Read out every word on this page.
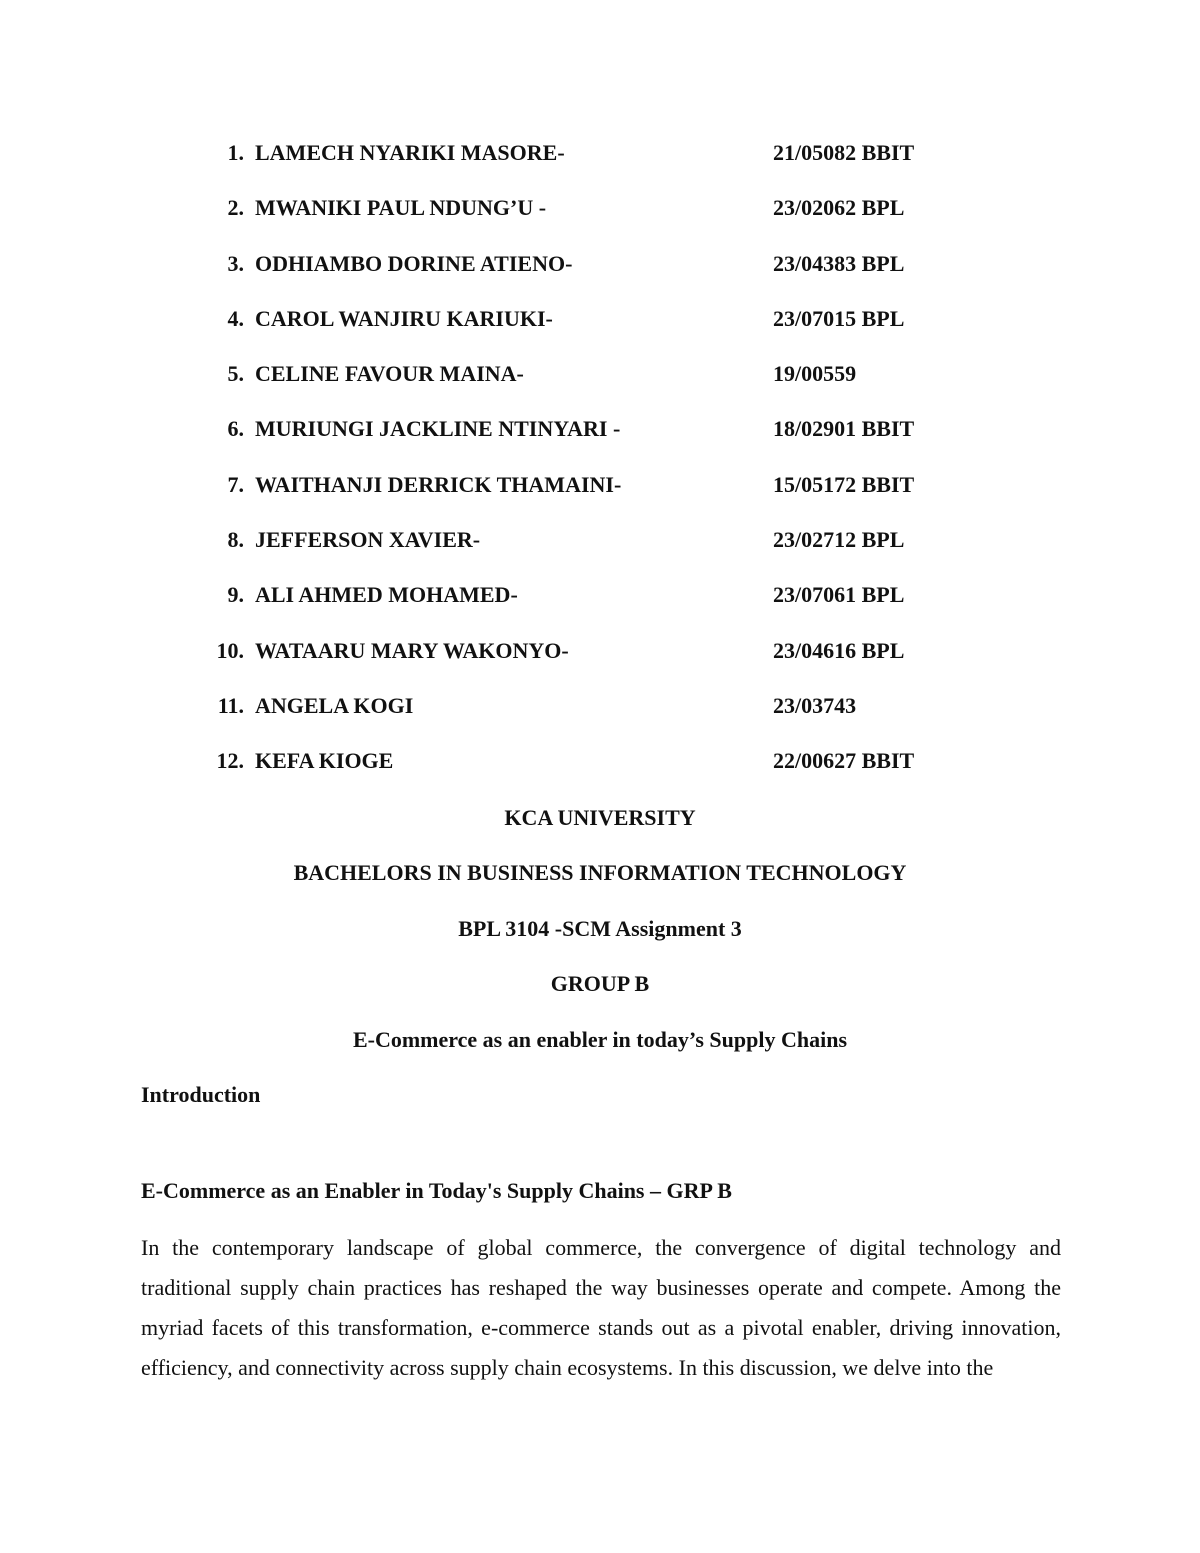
1. LAMECH NYARIKI MASORE-	21/05082 BBIT
2. MWANIKI PAUL NDUNG’U -	23/02062 BPL
3. ODHIAMBO DORINE ATIENO-	23/04383 BPL
4. CAROL WANJIRU KARIUKI-	23/07015 BPL
5. CELINE FAVOUR MAINA-	19/00559
6. MURIUNGI JACKLINE NTINYARI -	18/02901 BBIT
7. WAITHANJI DERRICK THAMAINI-	15/05172 BBIT
8. JEFFERSON XAVIER-	23/02712 BPL
9. ALI AHMED MOHAMED-	23/07061 BPL
10. WATAARU MARY WAKONYO-	23/04616 BPL
11. ANGELA KOGI	23/03743
12. KEFA KIOGE	22/00627 BBIT
KCA UNIVERSITY
BACHELORS IN BUSINESS INFORMATION TECHNOLOGY
BPL 3104 -SCM Assignment 3
GROUP B
E-Commerce as an enabler in today’s Supply Chains
Introduction
E-Commerce as an Enabler in Today's Supply Chains – GRP B
In the contemporary landscape of global commerce, the convergence of digital technology and traditional supply chain practices has reshaped the way businesses operate and compete. Among the myriad facets of this transformation, e-commerce stands out as a pivotal enabler, driving innovation, efficiency, and connectivity across supply chain ecosystems. In this discussion, we delve into the
